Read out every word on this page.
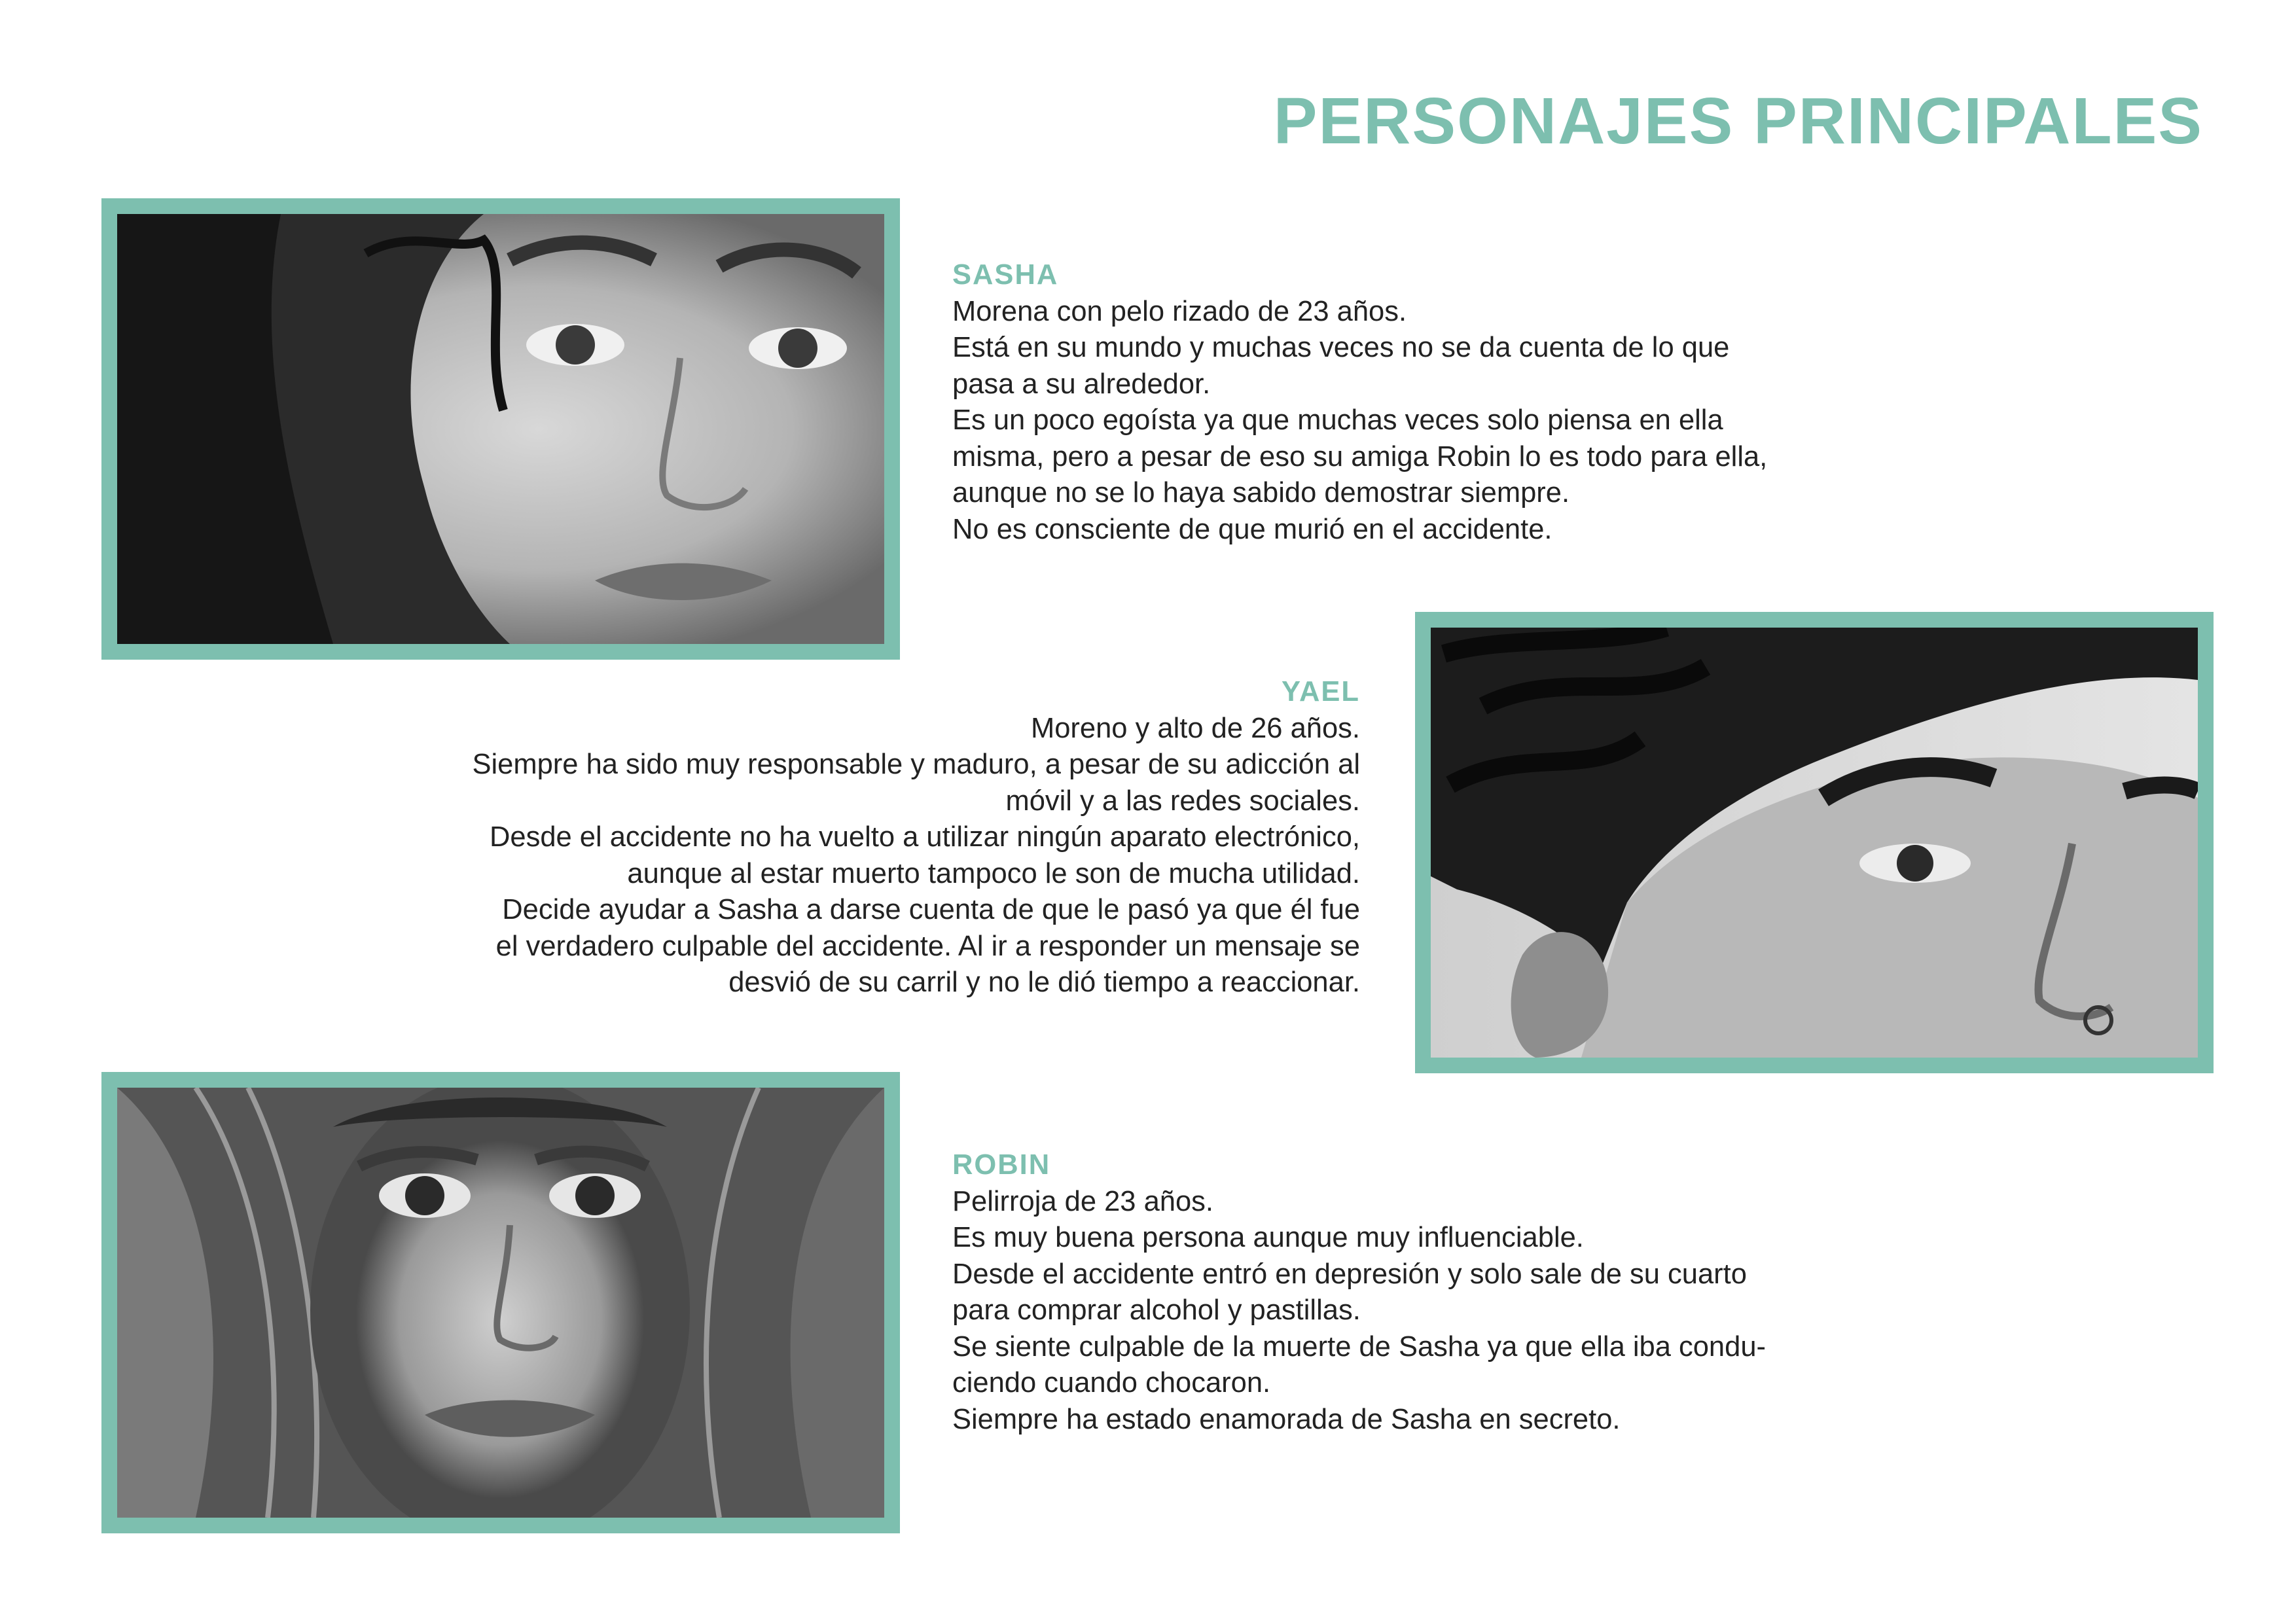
PERSONAJES PRINCIPALES
SASHA
Morena con pelo rizado de 23 años.
Está en su mundo y muchas veces no se da cuenta de lo que
pasa a su alrededor.
Es un poco egoísta ya que muchas veces solo piensa en ella
misma, pero a pesar de eso su amiga Robin lo es todo para ella,
aunque no se lo haya sabido demostrar siempre.
No es consciente de que murió en el accidente.
YAEL
Moreno y alto de 26 años.
Siempre ha sido muy responsable y maduro, a pesar de su adicción al
móvil y a las redes sociales.
Desde el accidente no ha vuelto a utilizar ningún aparato electrónico,
aunque al estar muerto tampoco le son de mucha utilidad.
Decide ayudar a Sasha a darse cuenta de que le pasó ya que él fue
el verdadero culpable del accidente. Al ir a responder un mensaje se
desvió de su carril y no le dió tiempo a reaccionar.
ROBIN
Pelirroja de 23 años.
Es muy buena persona aunque muy influenciable.
Desde el accidente entró en depresión y solo sale de su cuarto
para comprar alcohol y pastillas.
Se siente culpable de la muerte de Sasha ya que ella iba condu-
ciendo cuando chocaron.
Siempre ha estado enamorada de Sasha en secreto.
